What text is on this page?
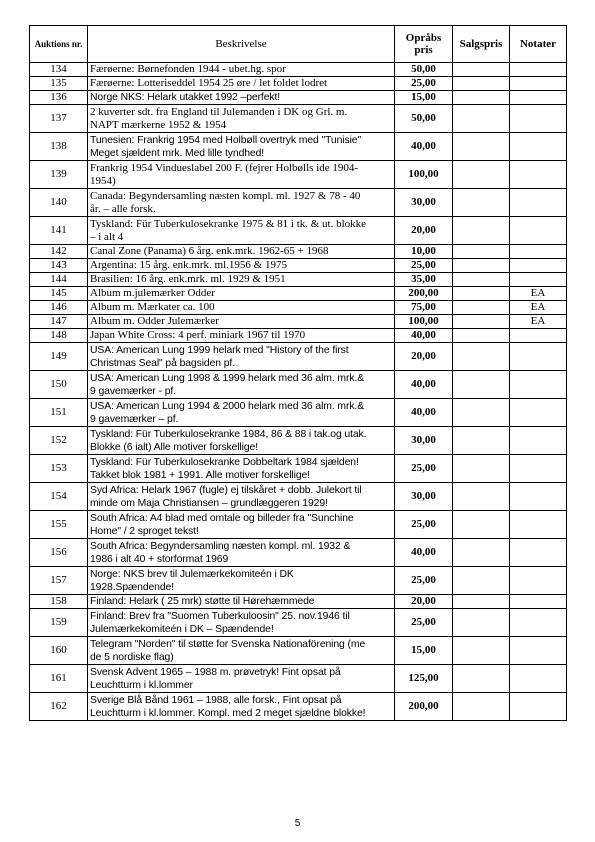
Auktions nr.	Beskrivelse	Opråbs pris	Salgspris	Notater
134	Færøerne: Børnefonden 1944 - ubet.hg. spor	50,00		
135	Færøerne: Lotteriseddel 1954 25 øre / let foldet lodret	25,00		
136	Norge NKS: Helark utakket 1992 –perfekt!	15,00		
137	2 kuverter sdt. fra England til Julemanden i DK og Grl. m.
NAPT mærkerne 1952 & 1954	50,00		
138	Tunesien: Frankrig 1954 med Holbøll overtryk med "Tunisie"
Meget sjældent mrk. Med lille tyndhed!	40,00		
139	Frankrig 1954 Vindueslabel 200 F. (fejrer Holbølls ide 1904-
1954)	100,00		
140	Canada: Begyndersamling næsten kompl. ml. 1927 & 78 - 40
år. – alle forsk.	30,00		
141	Tyskland: Für Tuberkulosekranke 1975 & 81 i tk. & ut. blokke
– i alt 4	20,00		
142	Canal Zone (Panama) 6 årg. enk.mrk. 1962-65 + 1968	10,00		
143	Argentina: 15 årg. enk.mrk. ml.1956 & 1975	25,00		
144	Brasilien: 16 årg. enk.mrk. ml. 1929 & 1951	35,00		
145	Album m.julemærker Odder	200,00		EA
146	Album m. Mærkater ca. 100	75,00		EA
147	Album m. Odder Julemærker	100,00		EA
148	Japan White Cross: 4 perf. miniark 1967 til 1970	40,00		
149	USA: American Lung 1999 helark med "History of the first
Christmas Seal" på bagsiden pf.	20,00		
150	USA: American Lung 1998 & 1999 helark med 36 alm. mrk.&
9 gavemærker - pf.	40,00		
151	USA: American Lung 1994 & 2000 helark med 36 alm. mrk.&
9 gavemærker – pf.	40,00		
152	Tyskland: Für Tuberkulosekranke 1984, 86 & 88 i tak.og utak.
Blokke (6 ialt) Alle motiver forskellige!	30,00		
153	Tyskland: Für Tuberkulosekranke Dobbeltark 1984 sjælden!
Takket blok 1981 + 1991. Alle motiver forskellige!	25,00		
154	Syd Africa: Helark 1967 (fugle) ej tilskåret + dobb. Julekort til
minde om Maja Christiansen – grundlæggeren 1929!	30,00		
155	South Africa: A4 blad med omtale og billeder fra "Sunchine
Home" / 2 sproget tekst!	25,00		
156	South Africa: Begyndersamling næsten kompl. ml. 1932 &
1986 i alt 40 + storformat 1969	40,00		
157	Norge: NKS brev til Julemærkekomiteén i DK
1928.Spændende!	25,00		
158	Finland: Helark ( 25 mrk) støtte til Hørehæmmede	20,00		
159	Finland: Brev fra "Suomen Tuberkuloosin" 25. nov.1946 til
Julemærkekomiteén i DK – Spændende!	25,00		
160	Telegram "Norden" til støtte for Svenska Nationaförening (me
de 5 nordiske flag)	15,00		
161	Svensk Advent 1965 – 1988 m. prøvetryk! Fint opsat på
Leuchtturm i kl.lommer	125,00		
162	Sverige Blå Bånd 1961 – 1988, alle forsk., Fint opsat på
Leuchtturm i kl.lommer. Kompl. med 2 meget sjældne blokke!	200,00		
5
